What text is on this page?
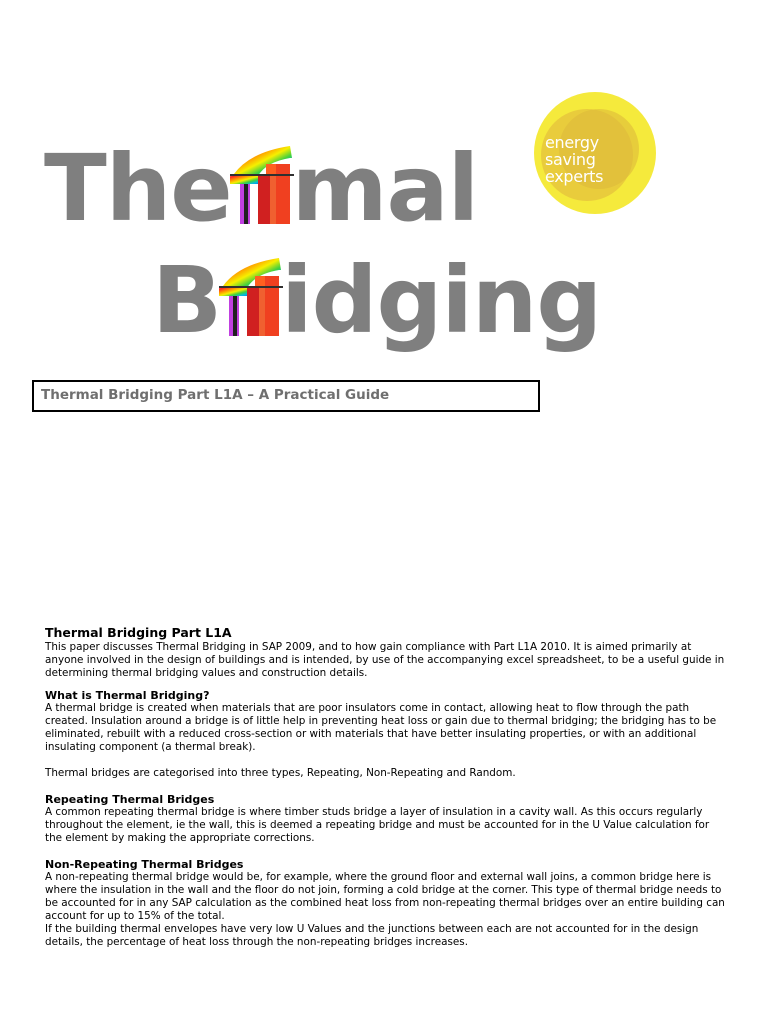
The mal
B idging
energy
saving
experts
Thermal Bridging Part L1A – A Practical Guide

Thermal Bridging Part L1A

This paper discusses Thermal Bridging in SAP 2009, and to how gain compliance with Part L1A 2010. It is aimed primarily at anyone involved in the design of buildings and is intended, by use of the accompanying excel spreadsheet, to be a useful guide in determining thermal bridging values and construction details.

What is Thermal Bridging?

A thermal bridge is created when materials that are poor insulators come in contact, allowing heat to flow through the path created. Insulation around a bridge is of little help in preventing heat loss or gain due to thermal bridging; the bridging has to be eliminated, rebuilt with a reduced cross-section or with materials that have better insulating properties, or with an additional insulating component (a thermal break).

Thermal bridges are categorised into three types, Repeating, Non-Repeating and Random.

Repeating Thermal Bridges

A common repeating thermal bridge is where timber studs bridge a layer of insulation in a cavity wall. As this occurs regularly throughout the element, ie the wall, this is deemed a repeating bridge and must be accounted for in the U Value calculation for the element by making the appropriate corrections.

Non-Repeating Thermal Bridges

A non-repeating thermal bridge would be, for example, where the ground floor and external wall joins, a common bridge here is where the insulation in the wall and the floor do not join, forming a cold bridge at the corner. This type of thermal bridge needs to be accounted for in any SAP calculation as the combined heat loss from non-repeating thermal bridges over an entire building can account for up to 15% of the total.

If the building thermal envelopes have very low U Values and the junctions between each are not accounted for in the design details, the percentage of heat loss through the non-repeating bridges increases.
